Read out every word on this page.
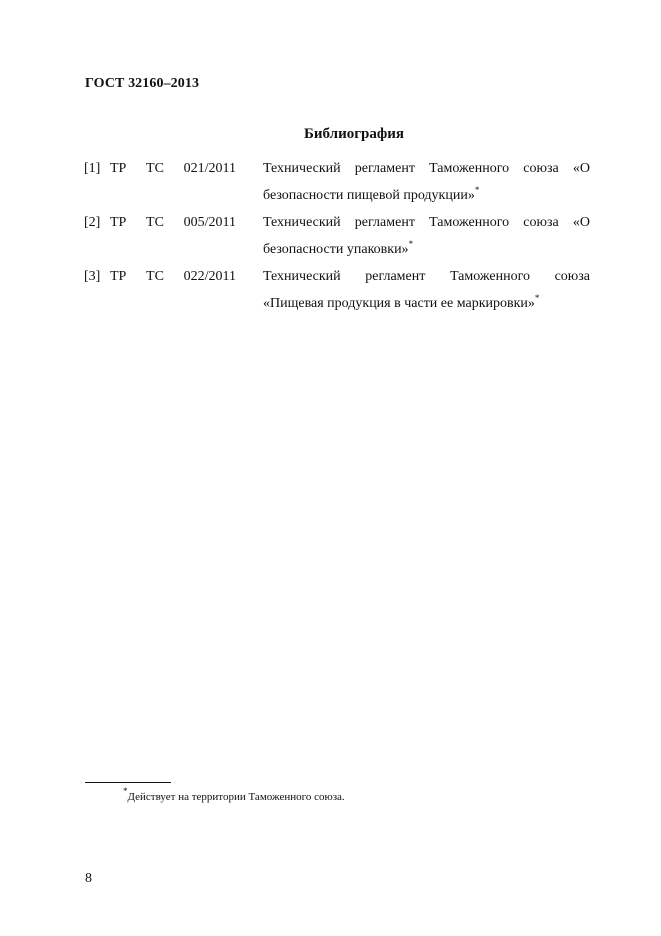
ГОСТ 32160–2013
Библиография
[1] ТР ТС 021/2011 Технический регламент Таможенного союза «О
безопасности пищевой продукции»*
[2] ТР ТС 005/2011 Технический регламент Таможенного союза «О
безопасности упаковки»*
[3] ТР ТС 022/2011 Технический регламент Таможенного союза
«Пищевая продукция в части ее маркировки»*
*Действует на территории Таможенного союза.
8
